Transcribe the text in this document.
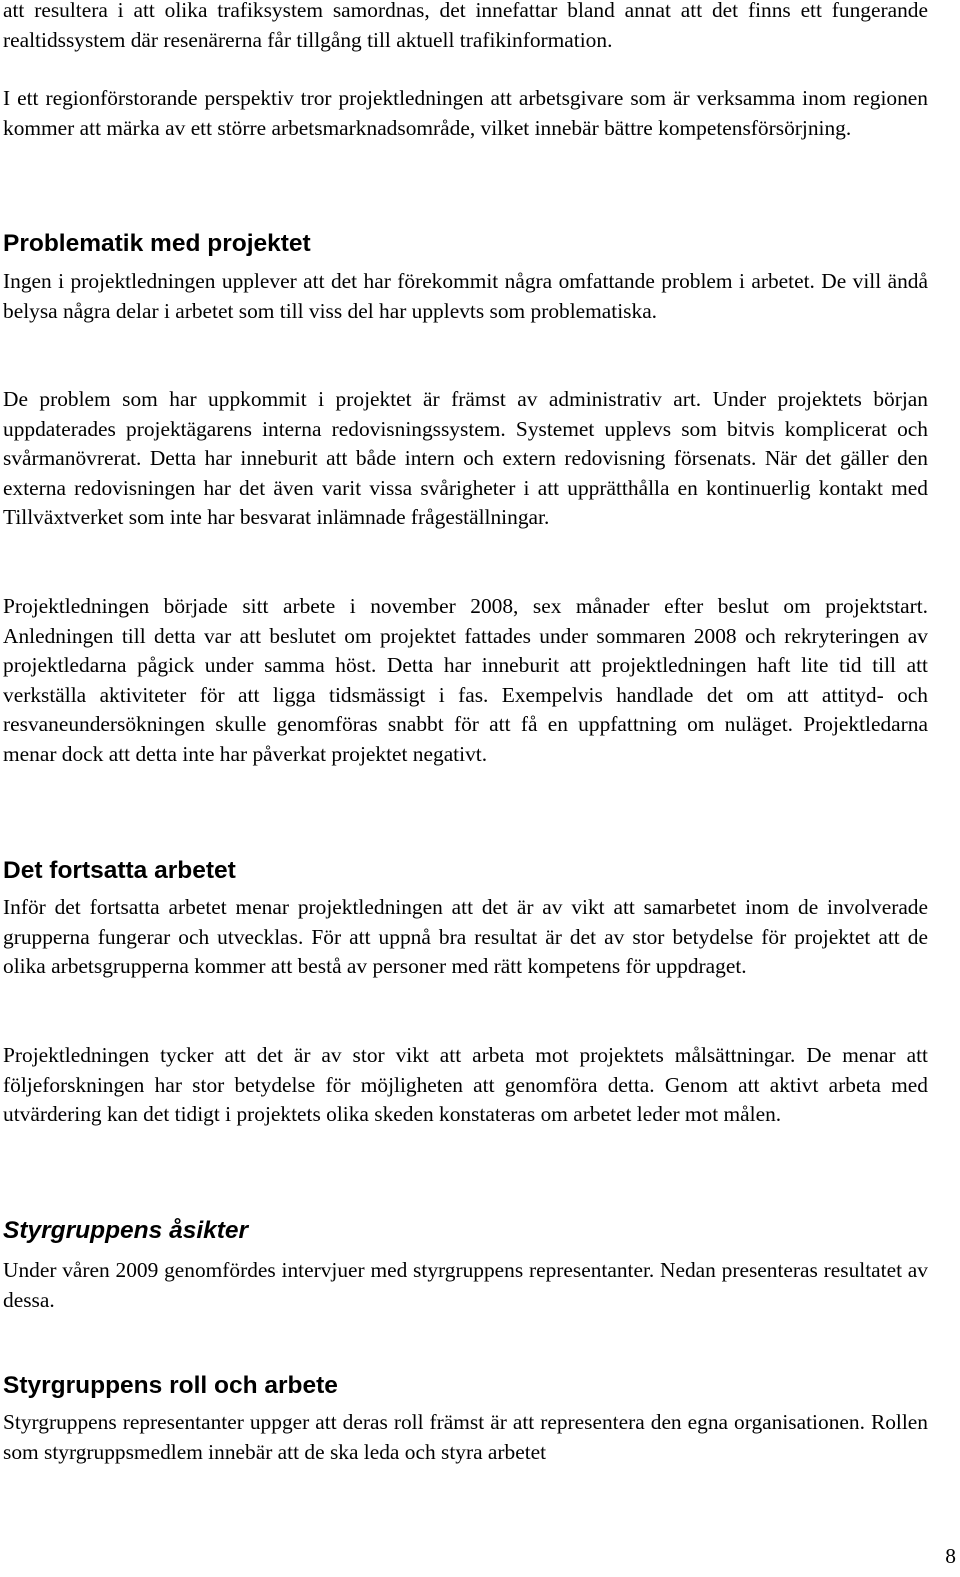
att resultera i att olika trafiksystem samordnas, det innefattar bland annat att det finns ett fungerande realtidssystem där resenärerna får tillgång till aktuell trafikinformation.

I ett regionförstorande perspektiv tror projektledningen att arbetsgivare som är verksamma inom regionen kommer att märka av ett större arbetsmarknadsområde, vilket innebär bättre kompetensförsörjning.

Problematik med projektet

Ingen i projektledningen upplever att det har förekommit några omfattande problem i arbetet. De vill ändå belysa några delar i arbetet som till viss del har upplevts som problematiska.

De problem som har uppkommit i projektet är främst av administrativ art. Under projektets början uppdaterades projektägarens interna redovisningssystem. Systemet upplevs som bitvis komplicerat och svårmanövrerat. Detta har inneburit att både intern och extern redovisning försenats. När det gäller den externa redovisningen har det även varit vissa svårigheter i att upprätthålla en kontinuerlig kontakt med Tillväxtverket som inte har besvarat inlämnade frågeställningar.

Projektledningen började sitt arbete i november 2008, sex månader efter beslut om projektstart. Anledningen till detta var att beslutet om projektet fattades under sommaren 2008 och rekryteringen av projektledarna pågick under samma höst. Detta har inneburit att projektledningen haft lite tid till att verkställa aktiviteter för att ligga tidsmässigt i fas. Exempelvis handlade det om att attityd- och resvaneundersökningen skulle genomföras snabbt för att få en uppfattning om nuläget. Projektledarna menar dock att detta inte har påverkat projektet negativt.

Det fortsatta arbetet

Inför det fortsatta arbetet menar projektledningen att det är av vikt att samarbetet inom de involverade grupperna fungerar och utvecklas. För att uppnå bra resultat är det av stor betydelse för projektet att de olika arbetsgrupperna kommer att bestå av personer med rätt kompetens för uppdraget.

Projektledningen tycker att det är av stor vikt att arbeta mot projektets målsättningar. De menar att följeforskningen har stor betydelse för möjligheten att genomföra detta. Genom att aktivt arbeta med utvärdering kan det tidigt i projektets olika skeden konstateras om arbetet leder mot målen.

Styrgruppens åsikter

Under våren 2009 genomfördes intervjuer med styrgruppens representanter. Nedan presenteras resultatet av dessa.

Styrgruppens roll och arbete

Styrgruppens representanter uppger att deras roll främst är att representera den egna organisationen. Rollen som styrgruppsmedlem innebär att de ska leda och styra arbetet

8
